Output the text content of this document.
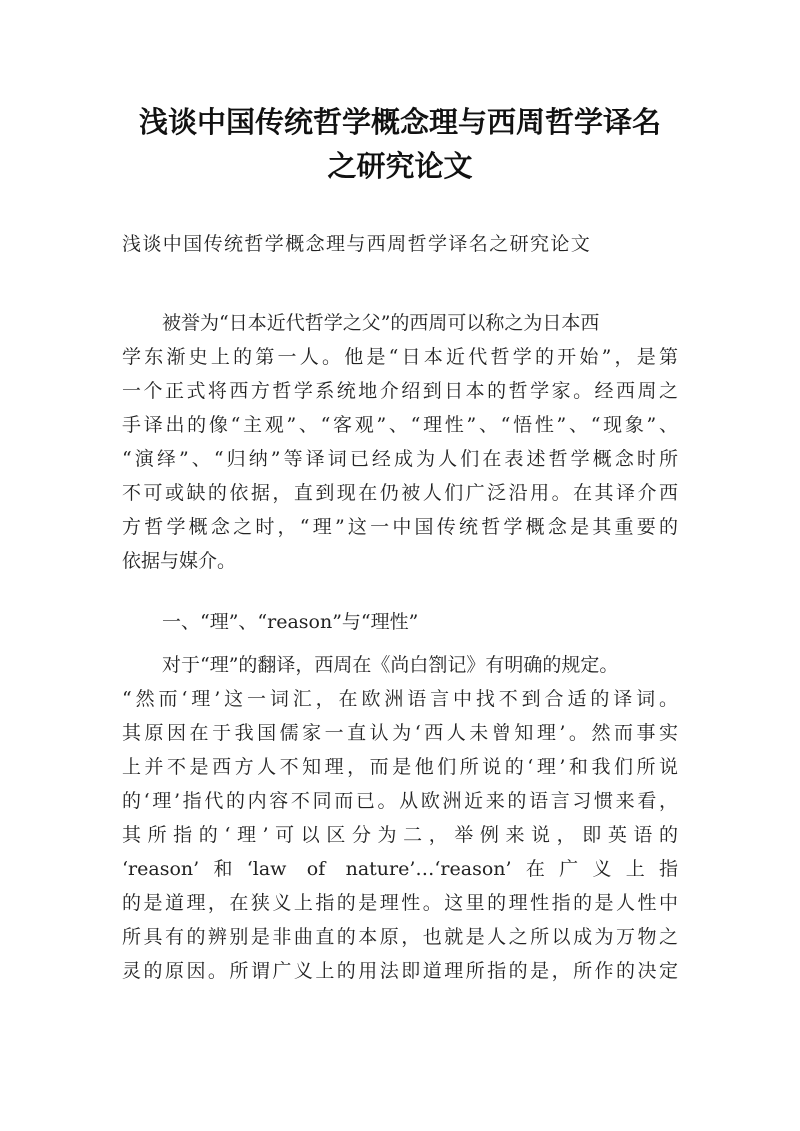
浅谈中国传统哲学概念理与西周哲学译名
之研究论文
浅谈中国传统哲学概念理与西周哲学译名之研究论文
被誉为“日本近代哲学之父”的西周可以称之为日本西
学东渐史上的第一人。他是“日本近代哲学的开始”，是第
一个正式将西方哲学系统地介绍到日本的哲学家。经西周之
手译出的像“主观”、“客观”、“理性”、“悟性”、“现象”、
“演绎”、“归纳”等译词已经成为人们在表述哲学概念时所
不可或缺的依据，直到现在仍被人们广泛沿用。在其译介西
方哲学概念之时，“理”这一中国传统哲学概念是其重要的
依据与媒介。
一、“理”、“reason”与“理性”
对于“理”的翻译，西周在《尚白劄记》有明确的规定。
“然而‘理’这一词汇，在欧洲语言中找不到合适的译词。
其原因在于我国儒家一直认为‘西人未曾知理’。然而事实
上并不是西方人不知理，而是他们所说的‘理’和我们所说
的‘理’指代的内容不同而已。从欧洲近来的语言习惯来看，
其所指的‘理’可以区分为二，举例来说，即英语的
‘reason’和‘law of nature’…‘reason’在广义上指
的是道理，在狭义上指的是理性。这里的理性指的是人性中
所具有的辨别是非曲直的本原，也就是人之所以成为万物之
灵的原因。所谓广义上的用法即道理所指的是，所作的决定
